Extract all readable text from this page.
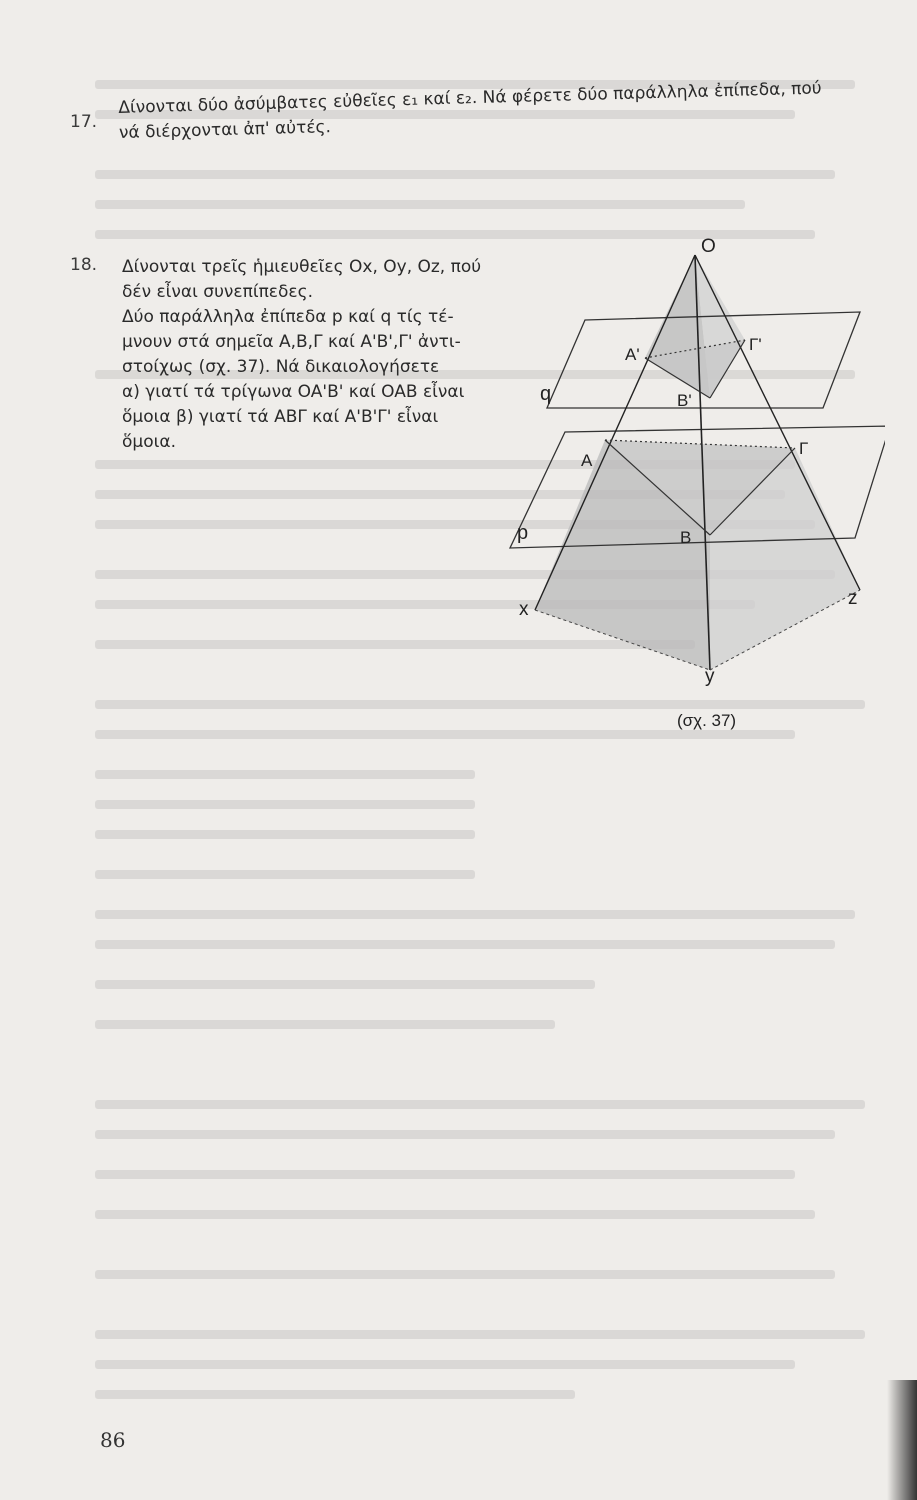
17.
Δίνονται δύο ἀσύμβατες εὐθεῖες ε₁ καί ε₂. Νά φέρετε δύο παράλληλα ἐπίπεδα, πού
νά διέρχονται ἀπ' αὐτές.
18. Δίνονται τρεῖς ἡμιευθεῖες Ox, Oy, Oz, πού
δέν εἶναι συνεπίπεδες.
Δύο παράλληλα ἐπίπεδα p καί q τίς τέ-
μνουν στά σημεῖα A,B,Γ καί A'B',Γ' ἀντι-
στοίχως (σχ. 37). Νά δικαιολογήσετε
α) γιατί τά τρίγωνα OA'B' καί OAB εἶναι
ὅμοια β) γιατί τά ABΓ καί A'B'Γ' εἶναι
ὅμοια.
O
A'
Γ'
B'
q
A
Γ
p	B
x
z
y
(σχ. 37)
86
